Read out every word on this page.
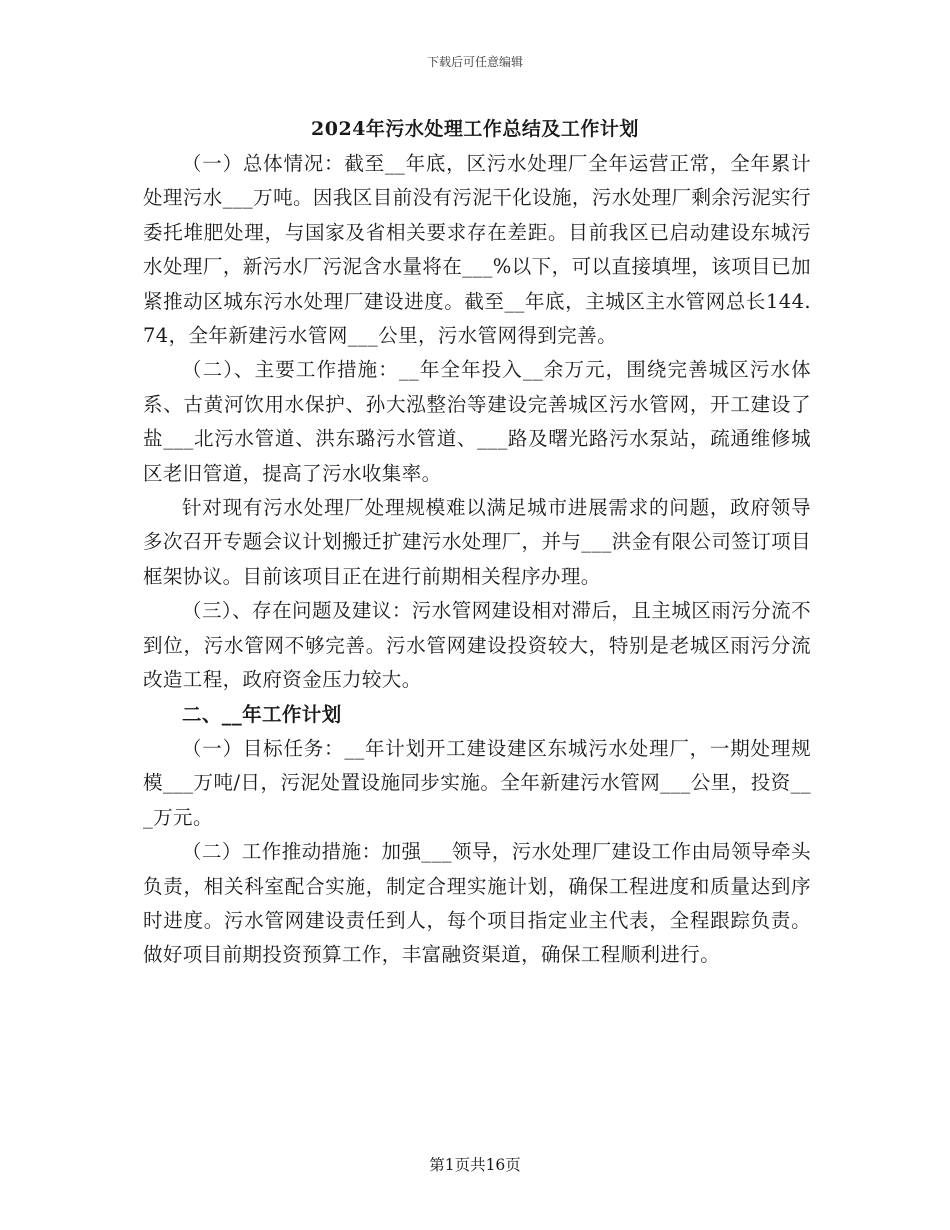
下载后可任意编辑
2024年污水处理工作总结及工作计划

（一）总体情况：截至__年底，区污水处理厂全年运营正常，全年累计处理污水___万吨。因我区目前没有污泥干化设施，污水处理厂剩余污泥实行委托堆肥处理，与国家及省相关要求存在差距。目前我区已启动建设东城污水处理厂，新污水厂污泥含水量将在___%以下，可以直接填埋，该项目已加紧推动区城东污水处理厂建设进度。截至__年底，主城区主水管网总长144.74，全年新建污水管网___公里，污水管网得到完善。

（二）、主要工作措施：__年全年投入__余万元，围绕完善城区污水体系、古黄河饮用水保护、孙大泓整治等建设完善城区污水管网，开工建设了盐___北污水管道、洪东璐污水管道、___路及曙光路污水泵站，疏通维修城区老旧管道，提高了污水收集率。

针对现有污水处理厂处理规模难以满足城市进展需求的问题，政府领导多次召开专题会议计划搬迁扩建污水处理厂，并与___洪金有限公司签订项目框架协议。目前该项目正在进行前期相关程序办理。

（三）、存在问题及建议：污水管网建设相对滞后，且主城区雨污分流不到位，污水管网不够完善。污水管网建设投资较大，特别是老城区雨污分流改造工程，政府资金压力较大。

二、__年工作计划

（一）目标任务：__年计划开工建设建区东城污水处理厂，一期处理规模___万吨/日，污泥处置设施同步实施。全年新建污水管网___公里，投资___万元。

（二）工作推动措施：加强___领导，污水处理厂建设工作由局领导牵头负责，相关科室配合实施，制定合理实施计划，确保工程进度和质量达到序时进度。污水管网建设责任到人，每个项目指定业主代表，全程跟踪负责。做好项目前期投资预算工作，丰富融资渠道，确保工程顺利进行。

第1页共16页
